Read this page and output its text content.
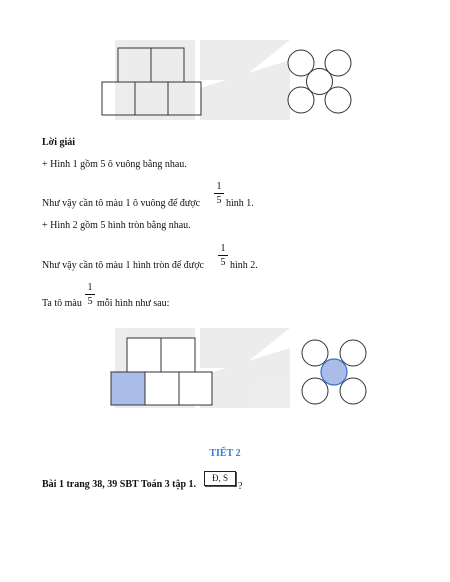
Lời giải
+ Hình 1 gồm 5 ô vuông bằng nhau.
Như vậy cần tô màu 1 ô vuông để được
1
5 hình 1.
+ Hình 2 gồm 5 hình tròn bằng nhau.
Như vậy cần tô màu 1 hình tròn để được
1
5 hình 2.
Ta tô màu
1
5 mỗi hình như sau:
TIẾT 2
Bài 1 trang 38, 39 SBT Toán 3 tập 1.
Đ, S
?
